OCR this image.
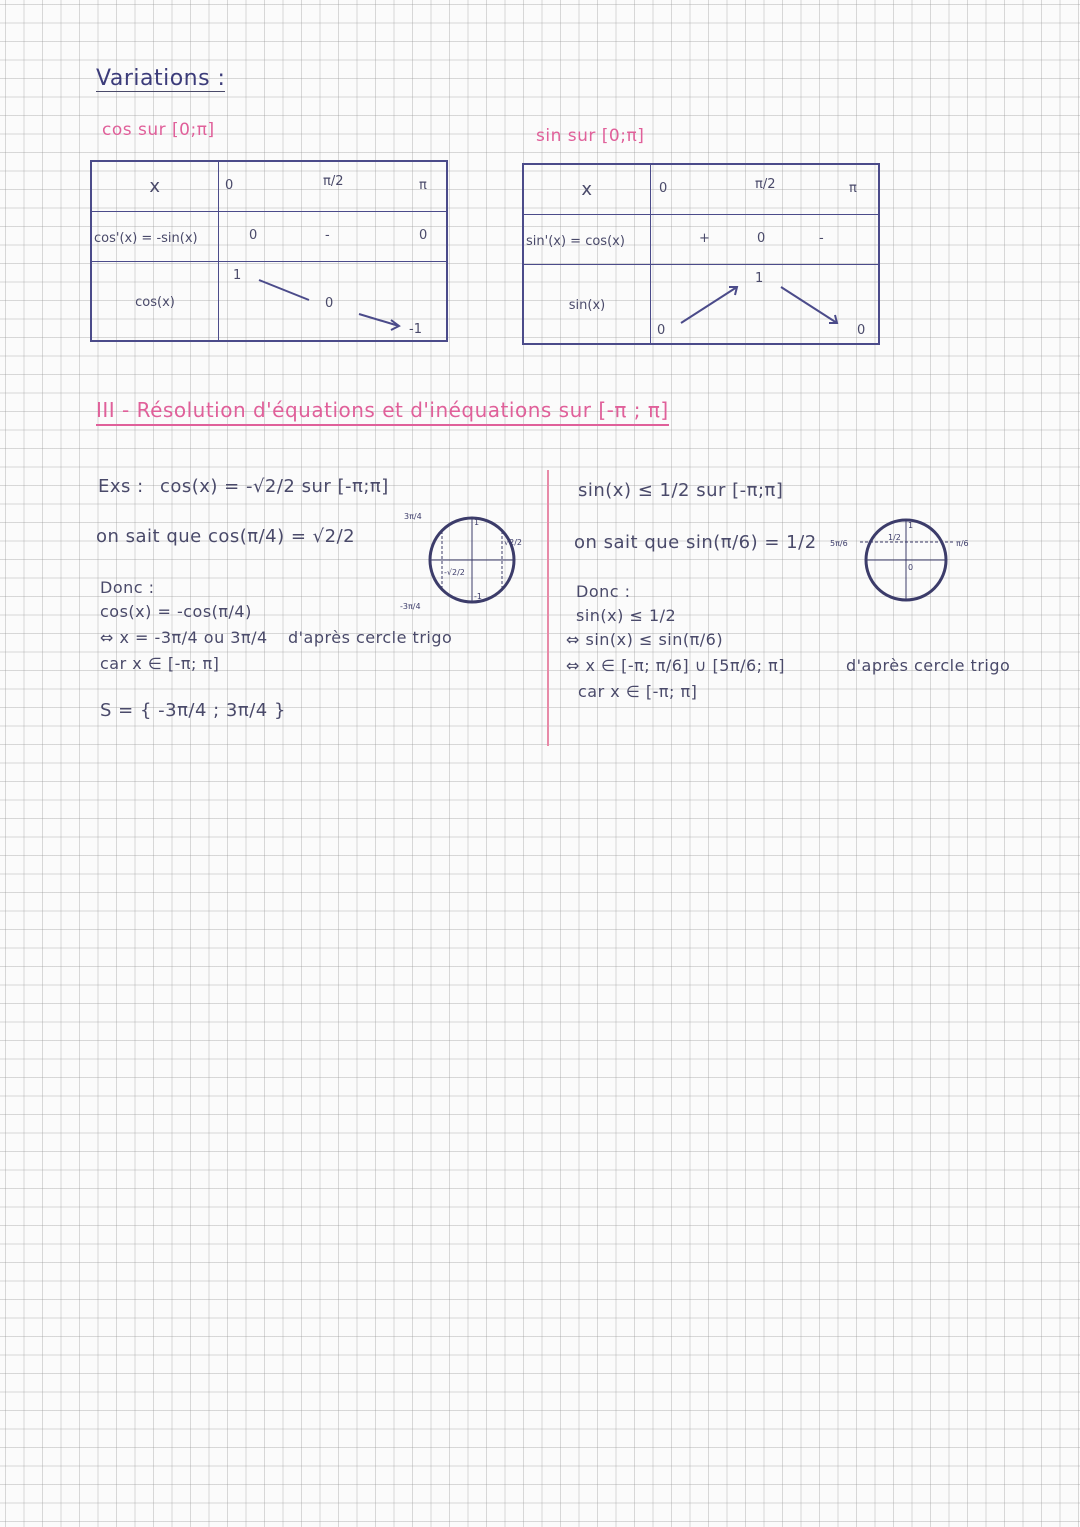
Variations :
cos sur [0;π]	sin sur [0;π]
x	0 π/2 π

cos'(x) = -sin(x)	0 - 0

cos(x)	1
0
-1
x	0 π/2 π

sin'(x) = cos(x)	+ 0 -

sin(x)	0
1
0
III - Résolution d'équations et d'inéquations sur [-π ; π]
Exs : cos(x) = -√2/2 sur [-π;π]
on sait que cos(π/4) = √2/2
Donc :
cos(x) = -cos(π/4)
⇔ x = -3π/4 ou 3π/4 d'après cercle trigo
car x ∈ [-π; π]
S = { -3π/4 ; 3π/4 }
3π/4
-3π/4
√2/2
-√2/2
1
-1
sin(x) ≤ 1/2 sur [-π;π]
on sait que sin(π/6) = 1/2
Donc :
sin(x) ≤ 1/2
⇔ sin(x) ≤ sin(π/6)
⇔ x ∈ [-π; π/6] ∪ [5π/6; π]	d'après cercle trigo
car x ∈ [-π; π]
5π/6	π/6
1/2
1
0
